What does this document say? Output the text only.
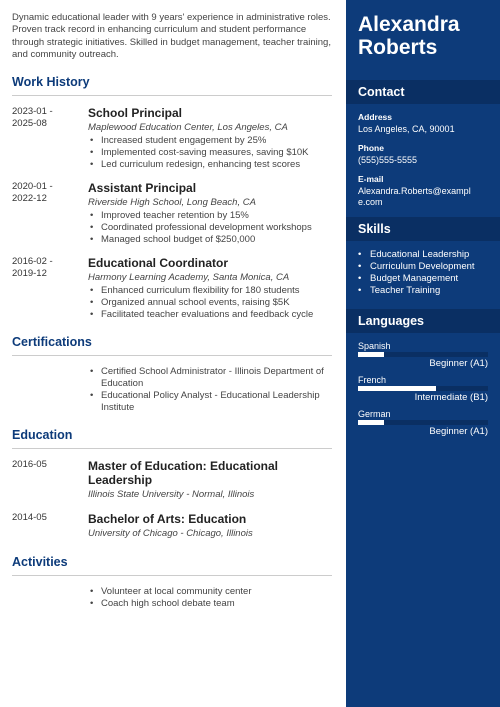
Dynamic educational leader with 9 years' experience in administrative roles. Proven track record in enhancing curriculum and student performance through strategic initiatives. Skilled in budget management, teacher training, and community outreach.

Work History
2023-01 -
2025-08
School Principal
Maplewood Education Center, Los Angeles, CA
• Increased student engagement by 25%
• Implemented cost-saving measures, saving $10K
• Led curriculum redesign, enhancing test scores
2020-01 -
2022-12
Assistant Principal
Riverside High School, Long Beach, CA
• Improved teacher retention by 15%
• Coordinated professional development workshops
• Managed school budget of $250,000
2016-02 -
2019-12
Educational Coordinator
Harmony Learning Academy, Santa Monica, CA
• Enhanced curriculum flexibility for 180 students
• Organized annual school events, raising $5K
• Facilitated teacher evaluations and feedback cycle
Certifications
• Certified School Administrator - Illinois Department of Education
• Educational Policy Analyst - Educational Leadership Institute
Education
2016-05	Master of Education: Educational Leadership
Illinois State University - Normal, Illinois
2014-05	Bachelor of Arts: Education
University of Chicago - Chicago, Illinois
Activities
• Volunteer at local community center
• Coach high school debate team
Alexandra
Roberts
Contact
Address
Los Angeles, CA, 90001
Phone
(555)555-5555
E-mail
Alexandra.Roberts@exampl
e.com
Skills
• Educational Leadership
• Curriculum Development
• Budget Management
• Teacher Training
Languages
Spanish
Beginner (A1)
French
Intermediate (B1)
German
Beginner (A1)
